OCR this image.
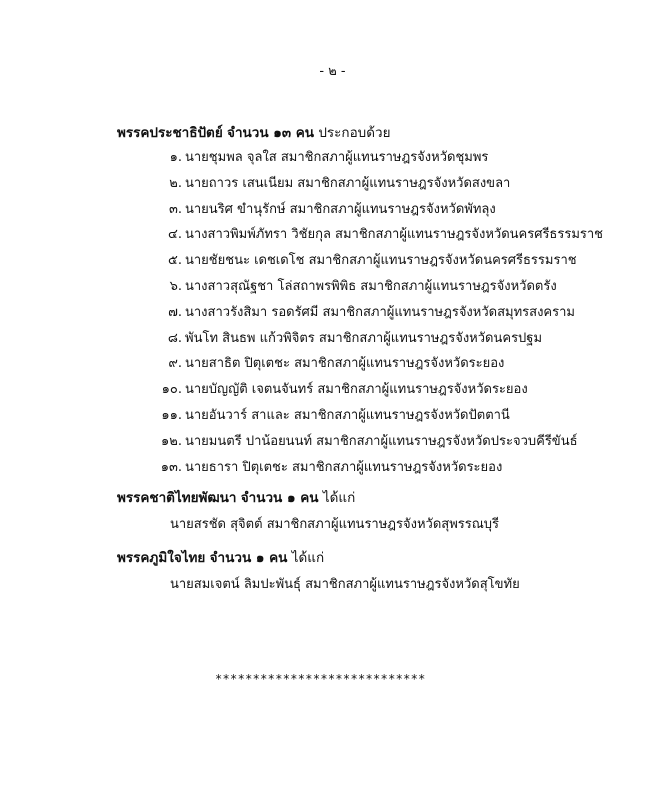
- ๒ -
พรรคประชาธิปัตย์ จำนวน ๑๓ คน ประกอบด้วย
๑. นายชุมพล จุลใส สมาชิกสภาผู้แทนราษฎรจังหวัดชุมพร
๒. นายถาวร เสนเนียม สมาชิกสภาผู้แทนราษฎรจังหวัดสงขลา
๓. นายนริศ ขำนุรักษ์ สมาชิกสภาผู้แทนราษฎรจังหวัดพัทลุง
๔. นางสาวพิมพ์ภัทรา วิชัยกุล สมาชิกสภาผู้แทนราษฎรจังหวัดนครศรีธรรมราช
๕. นายชัยชนะ เดชเดโช สมาชิกสภาผู้แทนราษฎรจังหวัดนครศรีธรรมราช
๖. นางสาวสุณัฐชา โล่สถาพรพิพิธ สมาชิกสภาผู้แทนราษฎรจังหวัดตรัง
๗. นางสาวรังสิมา รอดรัศมี สมาชิกสภาผู้แทนราษฎรจังหวัดสมุทรสงคราม
๘. พันโท สินธพ แก้วพิจิตร สมาชิกสภาผู้แทนราษฎรจังหวัดนครปฐม
๙. นายสาธิต ปิตุเตชะ สมาชิกสภาผู้แทนราษฎรจังหวัดระยอง
๑๐. นายบัญญัติ เจตนจันทร์ สมาชิกสภาผู้แทนราษฎรจังหวัดระยอง
๑๑. นายอันวาร์ สาและ สมาชิกสภาผู้แทนราษฎรจังหวัดปัตตานี
๑๒. นายมนตรี ปาน้อยนนท์ สมาชิกสภาผู้แทนราษฎรจังหวัดประจวบคีรีขันธ์
๑๓. นายธารา ปิตุเตชะ สมาชิกสภาผู้แทนราษฎรจังหวัดระยอง
พรรคชาติไทยพัฒนา จำนวน ๑ คน ได้แก่
นายสรชัด สุจิตต์ สมาชิกสภาผู้แทนราษฎรจังหวัดสุพรรณบุรี
พรรคภูมิใจไทย จำนวน ๑ คน ได้แก่
นายสมเจตน์ ลิมปะพันธุ์ สมาชิกสภาผู้แทนราษฎรจังหวัดสุโขทัย
****************************
